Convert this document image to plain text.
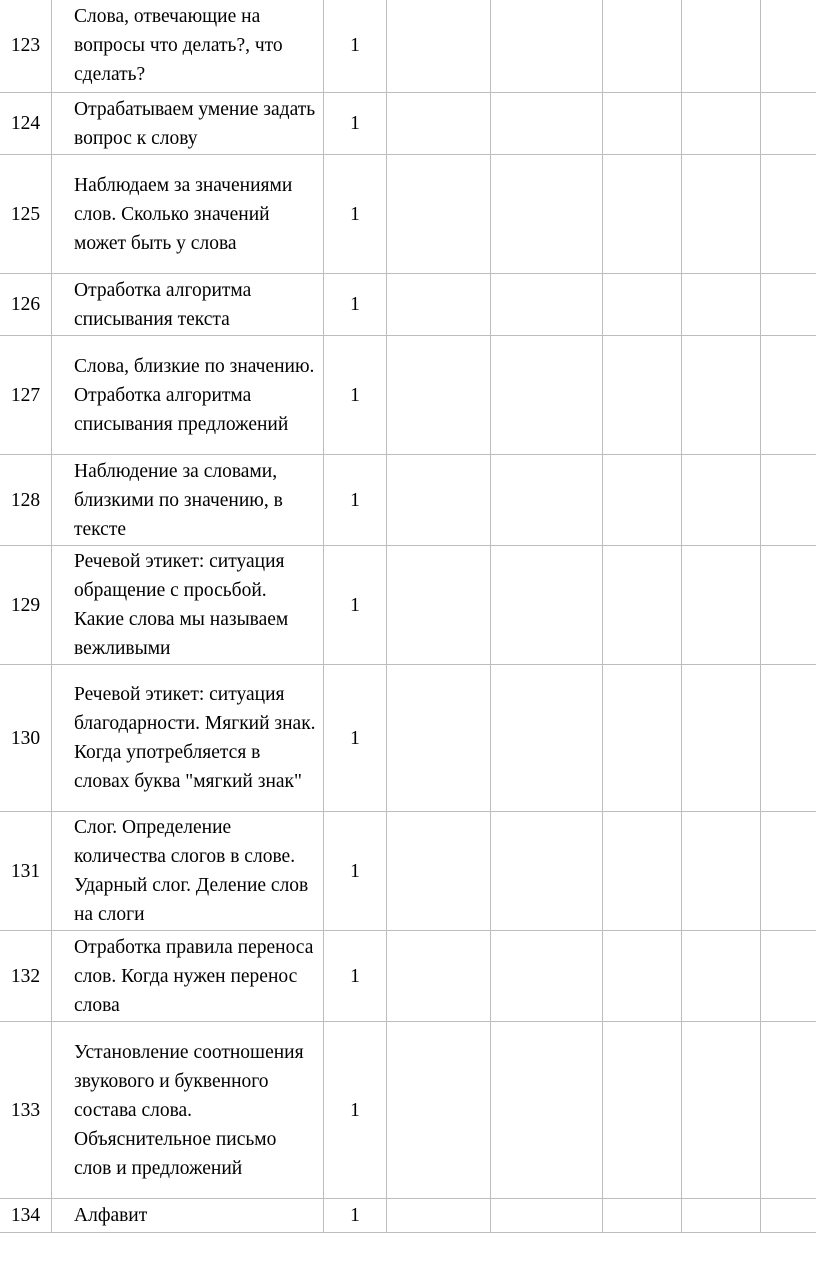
123	Слова, отвечающие на вопросы что делать?, что сделать?	1					
124	Отрабатываем умение задать вопрос к слову	1					
125	Наблюдаем за значениями слов. Сколько значений может быть у слова	1					
126	Отработка алгоритма списывания текста	1					
127	Слова, близкие по значению. Отработка алгоритма списывания предложений	1					
128	Наблюдение за словами, близкими по значению, в тексте	1					
129	Речевой этикет: ситуация обращение с просьбой. Какие слова мы называем вежливыми	1					
130	Речевой этикет: ситуация благодарности. Мягкий знак. Когда употребляется в словах буква "мягкий знак"	1					
131	Слог. Определение количества слогов в слове. Ударный слог. Деление слов на слоги	1					
132	Отработка правила переноса слов. Когда нужен перенос слова	1					
133	Установление соотношения звукового и буквенного состава слова. Объяснительное письмо слов и предложений	1					
134	Алфавит	1					
